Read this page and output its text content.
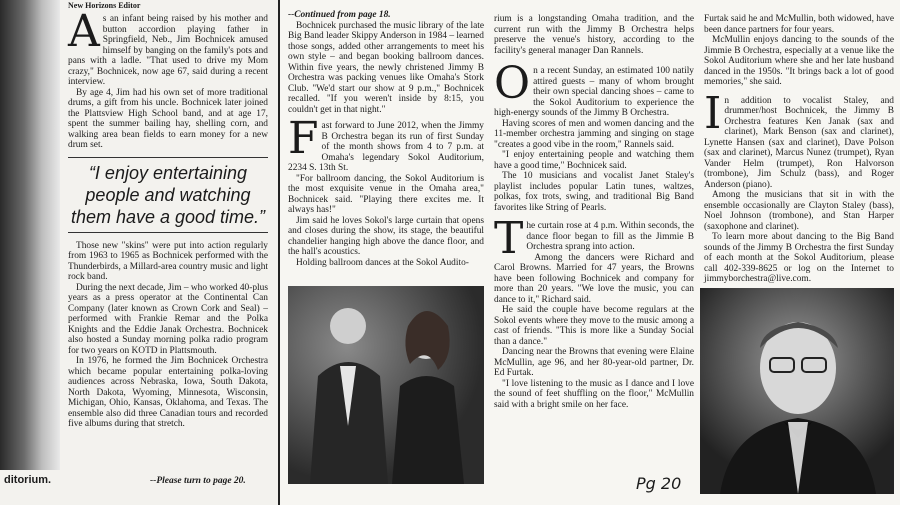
ditorium.
New Horizons Editor
A s an infant being raised by his mother and button accordion playing father in Springfield, Neb., Jim Bochnicek amused himself by banging on the family's pots and pans with a ladle. "That used to drive my Mom crazy," Bochnicek, now age 67, said during a recent interview.

By age 4, Jim had his own set of more traditional drums, a gift from his uncle. Bochnicek later joined the Plattsview High School band, and at age 17, spent the summer bailing hay, shelling corn, and walking area bean fields to earn money for a new drum set.

“I enjoy entertaining people and watching them have a good time.”

Those new "skins" were put into action regularly from 1963 to 1965 as Bochnicek performed with the Thunderbirds, a Millard-area country music and light rock band.

During the next decade, Jim – who worked 40-plus years as a press operator at the Continental Can Company (later known as Crown Cork and Seal) – performed with Frankie Remar and the Polka Knights and the Eddie Janak Orchestra. Bochnicek also hosted a Sunday morning polka radio program for two years on KOTD in Plattsmouth.

In 1976, he formed the Jim Bochnicek Orchestra which became popular entertaining polka-loving audiences across Nebraska, Iowa, South Dakota, North Dakota, Wyoming, Minnesota, Wisconsin, Michigan, Ohio, Kansas, Oklahoma, and Texas. The ensemble also did three Canadian tours and recorded five albums during that stretch.

--Please turn to page 20.

--Continued from page 18.

Bochnicek purchased the music library of the late Big Band leader Skippy Anderson in 1984 – learned those songs, added other arrangements to meet his own style – and began booking ballroom dances. Within five years, the newly christened Jimmy B Orchestra was packing venues like Omaha's Stork Club. "We'd start our show at 9 p.m.," Bochnicek recalled. "If you weren't inside by 8:15, you couldn't get in that night."

F ast forward to June 2012, when the Jimmy B Orchestra began its run of first Sunday of the month shows from 4 to 7 p.m. at Omaha's legendary Sokol Auditorium, 2234 S. 13th St.

"For ballroom dancing, the Sokol Auditorium is the most exquisite venue in the Omaha area," Bochnicek said. "Playing there excites me. It always has!"

Jim said he loves Sokol's large curtain that opens and closes during the show, its stage, the beautiful chandelier hanging high above the dance floor, and the hall's acoustics.

Holding ballroom dances at the Sokol Audito-

rium is a longstanding Omaha tradition, and the current run with the Jimmy B Orchestra helps preserve the venue's history, according to the facility's general manager Dan Rannels.

O n a recent Sunday, an estimated 100 natily attired guests – many of whom brought their own special dancing shoes – came to the Sokol Auditorium to experience the high-energy sounds of the Jimmy B Orchestra.

Having scores of men and women dancing and the 11-member orchestra jamming and singing on stage "creates a good vibe in the room," Rannels said.

"I enjoy entertaining people and watching them have a good time," Bochnicek said.

The 10 musicians and vocalist Janet Staley's playlist includes popular Latin tunes, waltzes, polkas, fox trots, swing, and traditional Big Band favorites like String of Pearls.

T he curtain rose at 4 p.m. Within seconds, the dance floor began to fill as the Jimmie B Orchestra sprang into action.

Among the dancers were Richard and Carol Browns. Married for 47 years, the Browns have been following Bochnicek and company for more than 20 years. "We love the music, you can dance to it," Richard said.

He said the couple have become regulars at the Sokol events where they move to the music among a cast of friends. "This is more like a Sunday Social than a dance."

Dancing near the Browns that evening were Elaine McMullin, age 96, and her 80-year-old partner, Dr. Ed Furtak.

"I love listening to the music as I dance and I love the sound of feet shuffling on the floor," McMullin said with a bright smile on her face.

Furtak said he and McMullin, both widowed, have been dance partners for four years.

McMullin enjoys dancing to the sounds of the Jimmie B Orchestra, especially at a venue like the Sokol Auditorium where she and her late husband danced in the 1950s. "It brings back a lot of good memories," she said.

I n addition to vocalist Staley, and drummer/host Bochnicek, the Jimmy B Orchestra features Ken Janak (sax and clarinet), Mark Benson (sax and clarinet), Lynette Hansen (sax and clarinet), Dave Polson (sax and clarinet), Marcus Nunez (trumpet), Ryan Vander Helm (trumpet), Ron Halvorson (trombone), Jim Schulz (bass), and Roger Anderson (piano).

Among the musicians that sit in with the ensemble occasionally are Clayton Staley (bass), Noel Johnson (trombone), and Stan Harper (saxophone and clarinet).

To learn more about dancing to the Big Band sounds of the Jimmy B Orchestra the first Sunday of each month at the Sokol Auditorium, please call 402-339-8625 or log on the Internet to jimmyborchestra@live.com.

Pg 20
